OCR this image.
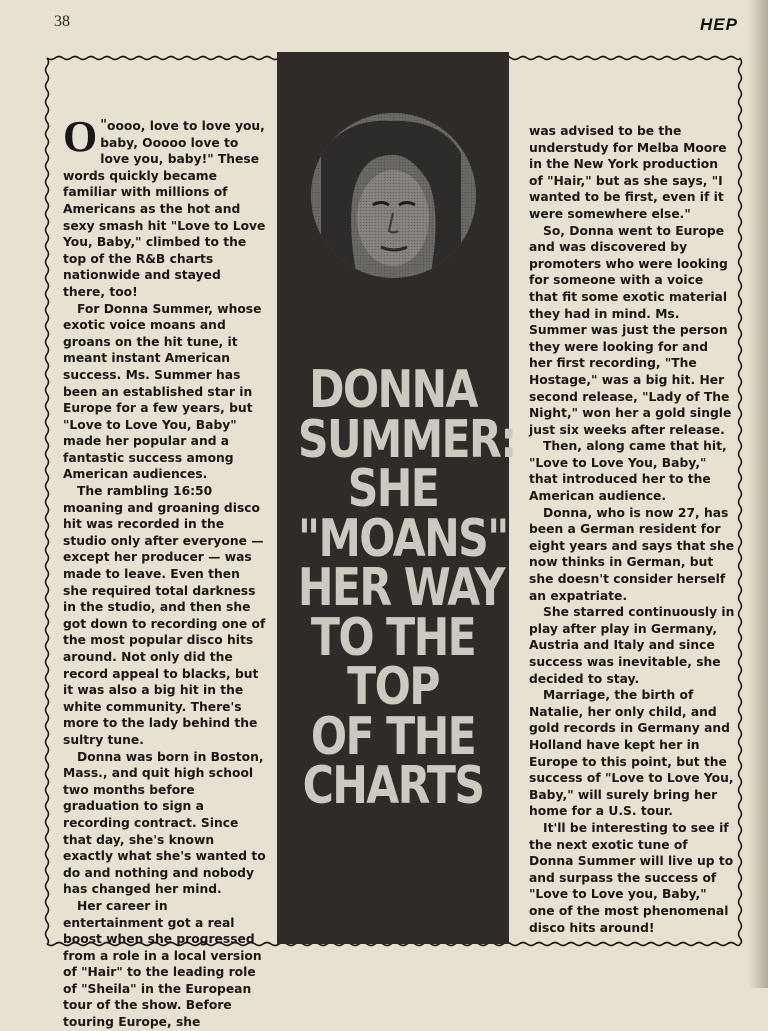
38	HEP
DONNA
SUMMER:
SHE
"MOANS"
HER WAY
TO THE
TOP
OF THE
CHARTS

"
O oooo, love to love you, baby, Ooooo love to love you, baby!" These words quickly became familiar with millions of Americans as the hot and sexy smash hit "Love to Love You, Baby," climbed to the top of the R&B charts nationwide and stayed there, too!

For Donna Summer, whose exotic voice moans and groans on the hit tune, it meant instant American success. Ms. Summer has been an established star in Europe for a few years, but "Love to Love You, Baby" made her popular and a fantastic success among American audiences.

The rambling 16:50 moaning and groaning disco hit was recorded in the studio only after everyone — except her producer — was made to leave. Even then she required total darkness in the studio, and then she got down to recording one of the most popular disco hits around. Not only did the record appeal to blacks, but it was also a big hit in the white community. There's more to the lady behind the sultry tune.

Donna was born in Boston, Mass., and quit high school two months before graduation to sign a recording contract. Since that day, she's known exactly what she's wanted to do and nothing and nobody has changed her mind.

Her career in entertainment got a real boost when she progressed from a role in a local version of "Hair" to the leading role of "Sheila" in the European tour of the show. Before touring Europe, she

was advised to be the understudy for Melba Moore in the New York production of "Hair," but as she says, "I wanted to be first, even if it were somewhere else."

So, Donna went to Europe and was discovered by promoters who were looking for someone with a voice that fit some exotic material they had in mind. Ms. Summer was just the person they were looking for and her first recording, "The Hostage," was a big hit. Her second release, "Lady of The Night," won her a gold single just six weeks after release.

Then, along came that hit, "Love to Love You, Baby," that introduced her to the American audience.

Donna, who is now 27, has been a German resident for eight years and says that she now thinks in German, but she doesn't consider herself an expatriate.

She starred continuously in play after play in Germany, Austria and Italy and since success was inevitable, she decided to stay.

Marriage, the birth of Natalie, her only child, and gold records in Germany and Holland have kept her in Europe to this point, but the success of "Love to Love You, Baby," will surely bring her home for a U.S. tour.

It'll be interesting to see if the next exotic tune of Donna Summer will live up to and surpass the success of "Love to Love you, Baby," one of the most phenomenal disco hits around!
